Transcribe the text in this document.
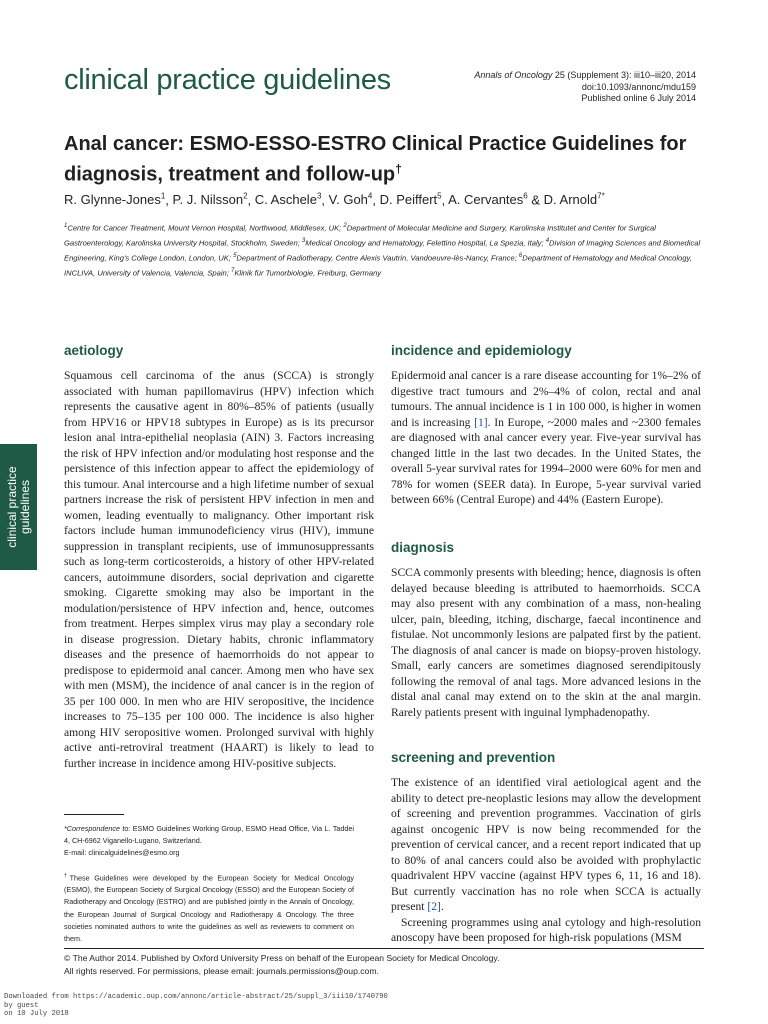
clinical practice guidelines	Annals of Oncology 25 (Supplement 3): iii10–iii20, 2014
doi:10.1093/annonc/mdu159
Published online 6 July 2014
Anal cancer: ESMO-ESSO-ESTRO Clinical Practice Guidelines for diagnosis, treatment and follow-up†
R. Glynne-Jones$^1$, P. J. Nilsson$^2$, C. Aschele$^3$, V. Goh$^4$, D. Peiffert$^5$, A. Cervantes$^6$ & D. Arnold$^{7*}$
$^1$Centre for Cancer Treatment, Mount Vernon Hospital, Northwood, Middlesex, UK; $^2$Department of Molecular Medicine and Surgery, Karolinska Institutet and Center for Surgical Gastroenterology, Karolinska University Hospital, Stockholm, Sweden; $^3$Medical Oncology and Hematology, Felettino Hospital, La Spezia, Italy; $^4$Division of Imaging Sciences and Biomedical Engineering, King's College London, London, UK; $^5$Department of Radiotherapy, Centre Alexis Vautrin, Vandoeuvre-lès-Nancy, France; $^6$Department of Hematology and Medical Oncology, INCLIVA, University of Valencia, Valencia, Spain; $^7$Klinik für Tumorbiologie, Freiburg, Germany
clinical practice guidelines
aetiology

Squamous cell carcinoma of the anus (SCCA) is strongly associated with human papillomavirus (HPV) infection which represents the causative agent in 80%–85% of patients (usually from HPV16 or HPV18 subtypes in Europe) as is its precursor lesion anal intra-epithelial neoplasia (AIN) 3. Factors increasing the risk of HPV infection and/or modulating host response and the persistence of this infection appear to affect the epidemiology of this tumour. Anal intercourse and a high lifetime number of sexual partners increase the risk of persistent HPV infection in men and women, leading eventually to malignancy. Other important risk factors include human immunodeficiency virus (HIV), immune suppression in transplant recipients, use of immunosuppressants such as long-term corticosteroids, a history of other HPV-related cancers, autoimmune disorders, social deprivation and cigarette smoking. Cigarette smoking may also be important in the modulation/persistence of HPV infection and, hence, outcomes from treatment. Herpes simplex virus may play a secondary role in disease progression. Dietary habits, chronic inflammatory diseases and the presence of haemorrhoids do not appear to predispose to epidermoid anal cancer. Among men who have sex with men (MSM), the incidence of anal cancer is in the region of 35 per 100 000. In men who are HIV seropositive, the incidence increases to 75–135 per 100 000. The incidence is also higher among HIV seropositive women. Prolonged survival with highly active anti-retroviral treatment (HAART) is likely to lead to further increase in incidence among HIV-positive subjects.

incidence and epidemiology

Epidermoid anal cancer is a rare disease accounting for 1%–2% of digestive tract tumours and 2%–4% of colon, rectal and anal tumours. The annual incidence is 1 in 100 000, is higher in women and is increasing [1]. In Europe, ~2000 males and ~2300 females are diagnosed with anal cancer every year. Five-year survival has changed little in the last two decades. In the United States, the overall 5-year survival rates for 1994–2000 were 60% for men and 78% for women (SEER data). In Europe, 5-year survival varied between 66% (Central Europe) and 44% (Eastern Europe).

diagnosis

SCCA commonly presents with bleeding; hence, diagnosis is often delayed because bleeding is attributed to haemorrhoids. SCCA may also present with any combination of a mass, non-healing ulcer, pain, bleeding, itching, discharge, faecal incontinence and fistulae. Not uncommonly lesions are palpated first by the patient. The diagnosis of anal cancer is made on biopsy-proven histology. Small, early cancers are sometimes diagnosed serendipitously following the removal of anal tags. More advanced lesions in the distal anal canal may extend on to the skin at the anal margin. Rarely patients present with inguinal lymphadenopathy.

screening and prevention

The existence of an identified viral aetiological agent and the ability to detect pre-neoplastic lesions may allow the development of screening and prevention programmes. Vaccination of girls against oncogenic HPV is now being recommended for the prevention of cervical cancer, and a recent report indicated that up to 80% of anal cancers could also be avoided with prophylactic quadrivalent HPV vaccine (against HPV types 6, 11, 16 and 18). But currently vaccination has no role when SCCA is actually present [2].

Screening programmes using anal cytology and high-resolution anoscopy have been proposed for high-risk populations (MSM

*Correspondence to: ESMO Guidelines Working Group, ESMO Head Office, Via L. Taddei 4, CH-6962 Viganello-Lugano, Switzerland.
E-mail: clinicalguidelines@esmo.org

†These Guidelines were developed by the European Society for Medical Oncology (ESMO), the European Society of Surgical Oncology (ESSO) and the European Society of Radiotherapy and Oncology (ESTRO) and are published jointly in the Annals of Oncology, the European Journal of Surgical Oncology and Radiotherapy & Oncology. The three societies nominated authors to write the guidelines as well as reviewers to comment on them.

© The Author 2014. Published by Oxford University Press on behalf of the European Society for Medical Oncology.
All rights reserved. For permissions, please email: journals.permissions@oup.com.
Downloaded from https://academic.oup.com/annonc/article-abstract/25/suppl_3/iii10/1740790
by guest
on 10 July 2018
